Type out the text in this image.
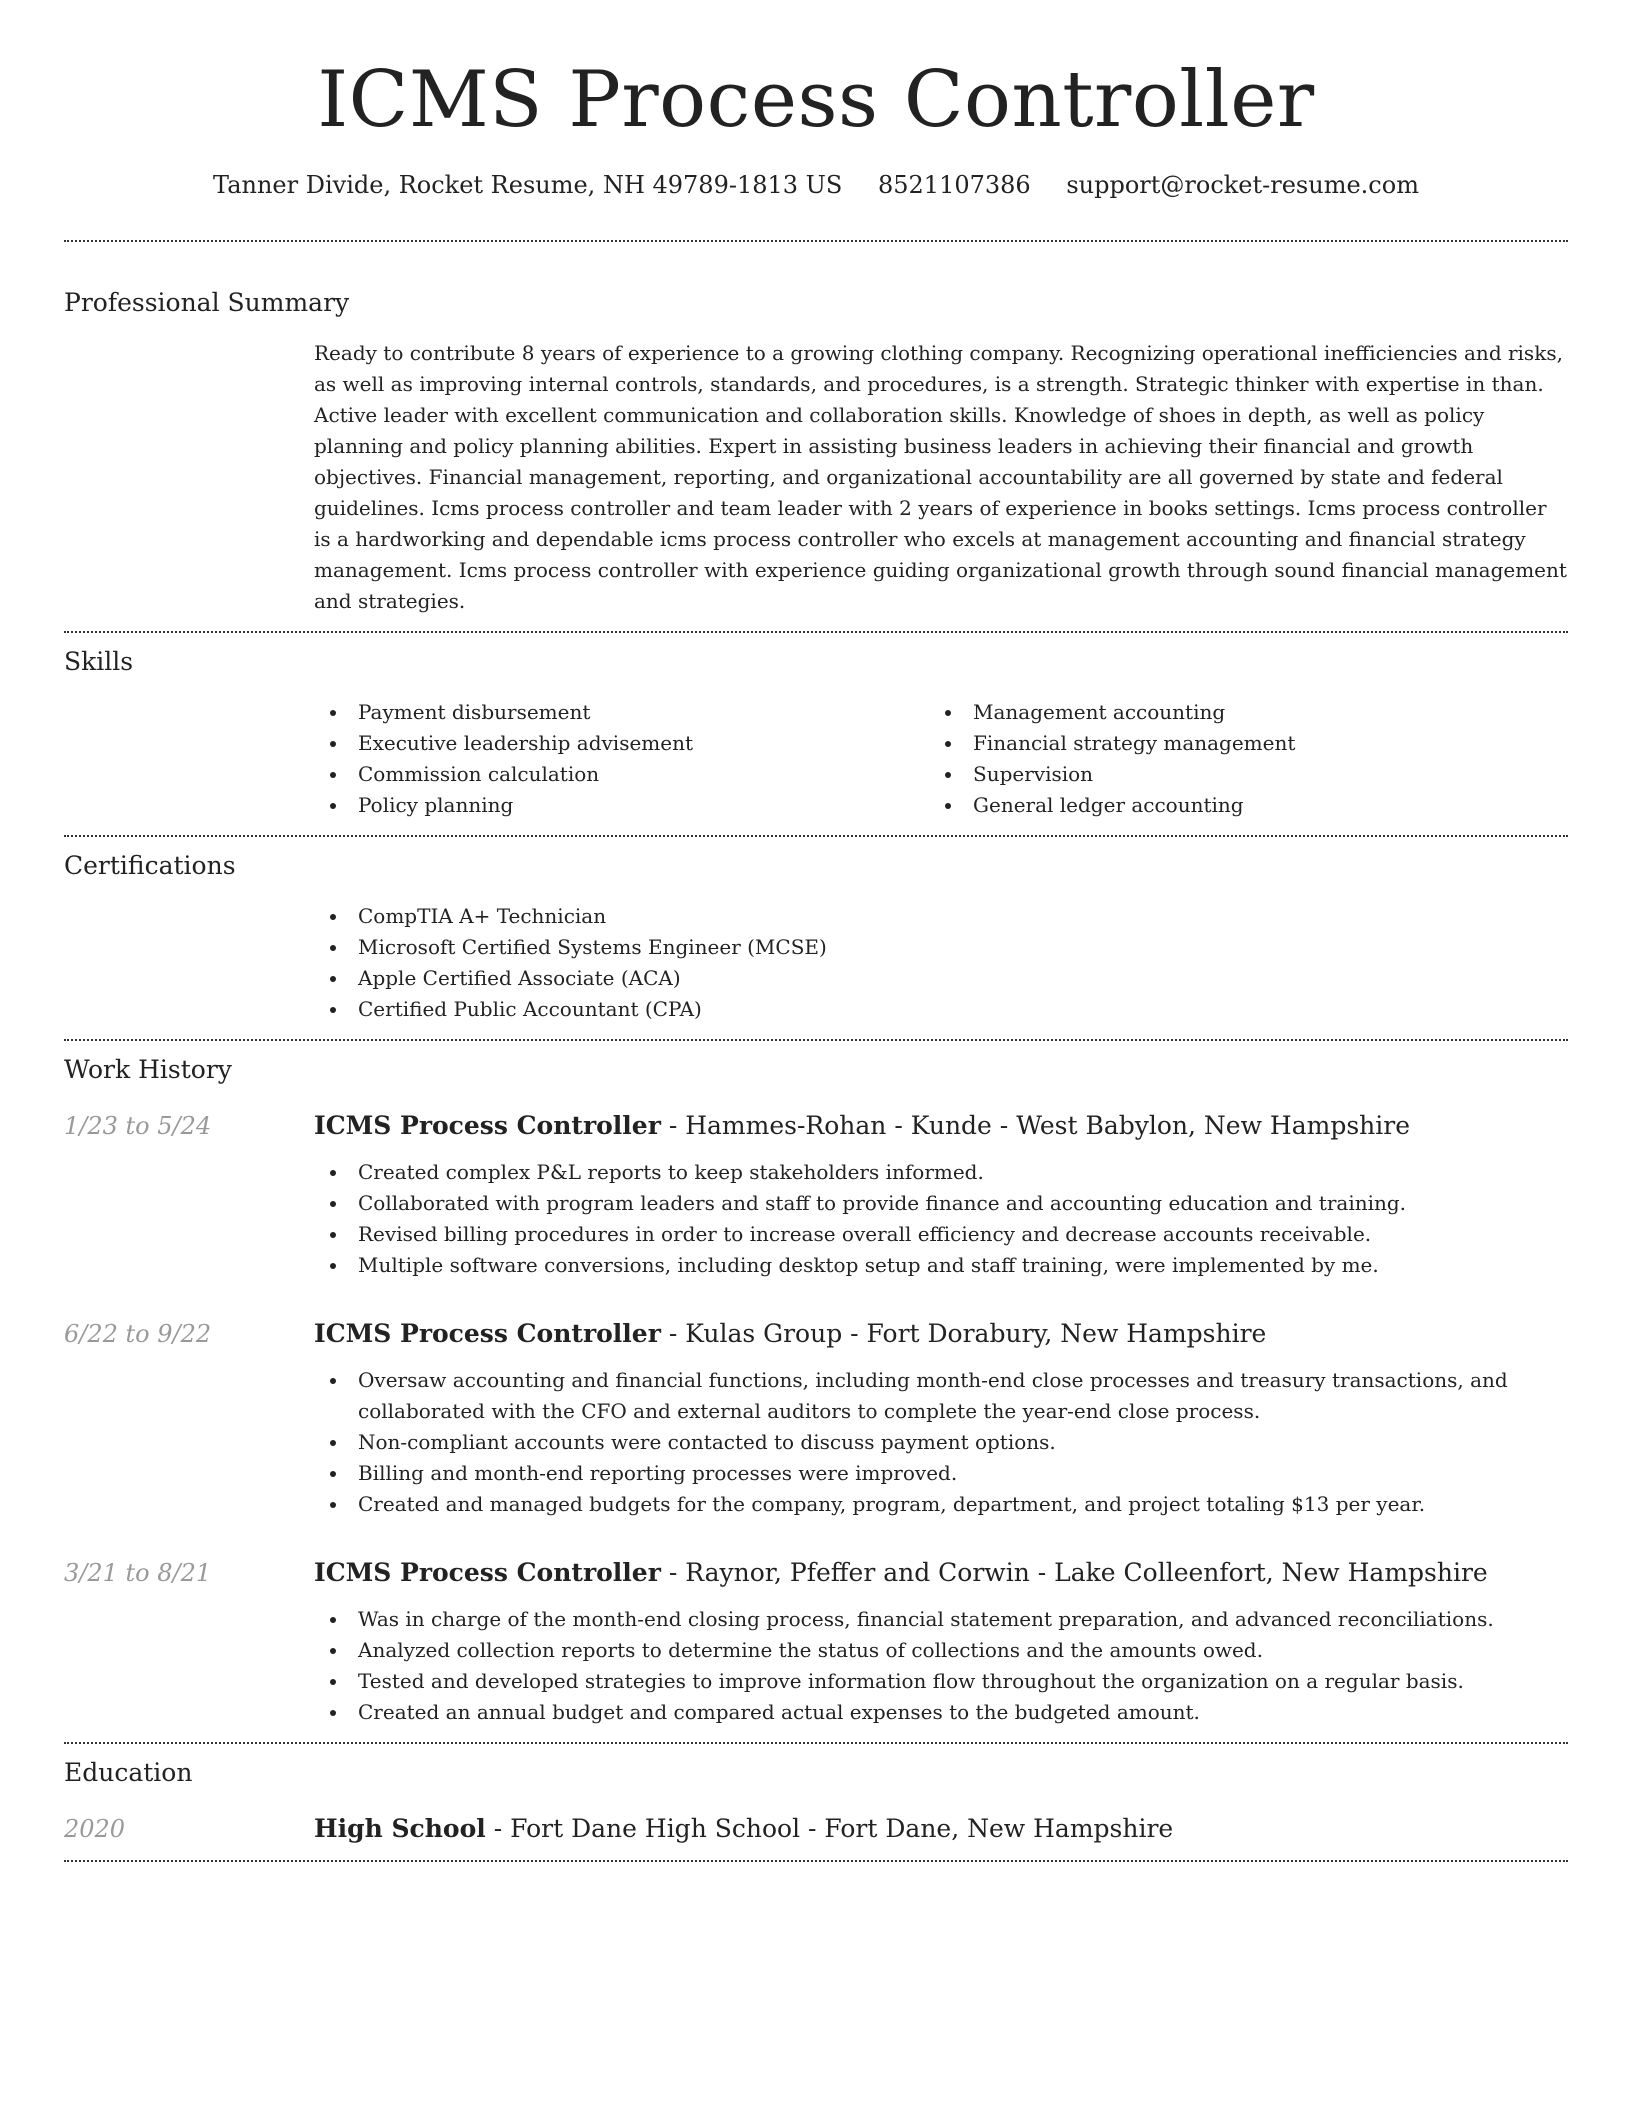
ICMS Process Controller
Tanner Divide, Rocket Resume, NH 49789-1813 US 8521107386 support@rocket-resume.com
Professional Summary

Ready to contribute 8 years of experience to a growing clothing company. Recognizing operational inefficiencies and risks, as well as improving internal controls, standards, and procedures, is a strength. Strategic thinker with expertise in than. Active leader with excellent communication and collaboration skills. Knowledge of shoes in depth, as well as policy planning and policy planning abilities. Expert in assisting business leaders in achieving their financial and growth objectives. Financial management, reporting, and organizational accountability are all governed by state and federal guidelines. Icms process controller and team leader with 2 years of experience in books settings. Icms process controller is a hardworking and dependable icms process controller who excels at management accounting and financial strategy management. Icms process controller with experience guiding organizational growth through sound financial management and strategies.

Skills
Payment disbursement
Executive leadership advisement
Commission calculation
Policy planning
Management accounting
Financial strategy management
Supervision
General ledger accounting
Certifications
CompTIA A+ Technician
Microsoft Certified Systems Engineer (MCSE)
Apple Certified Associate (ACA)
Certified Public Accountant (CPA)
Work History
1/23 to 5/24	ICMS Process Controller - Hammes-Rohan - Kunde - West Babylon, New Hampshire
Created complex P&L reports to keep stakeholders informed.
Collaborated with program leaders and staff to provide finance and accounting education and training.
Revised billing procedures in order to increase overall efficiency and decrease accounts receivable.
Multiple software conversions, including desktop setup and staff training, were implemented by me.
6/22 to 9/22	ICMS Process Controller - Kulas Group - Fort Dorabury, New Hampshire
Oversaw accounting and financial functions, including month-end close processes and treasury transactions, and collaborated with the CFO and external auditors to complete the year-end close process.
Non-compliant accounts were contacted to discuss payment options.
Billing and month-end reporting processes were improved.
Created and managed budgets for the company, program, department, and project totaling $13 per year.
3/21 to 8/21	ICMS Process Controller - Raynor, Pfeffer and Corwin - Lake Colleenfort, New Hampshire
Was in charge of the month-end closing process, financial statement preparation, and advanced reconciliations.
Analyzed collection reports to determine the status of collections and the amounts owed.
Tested and developed strategies to improve information flow throughout the organization on a regular basis.
Created an annual budget and compared actual expenses to the budgeted amount.
Education
2020	High School - Fort Dane High School - Fort Dane, New Hampshire
